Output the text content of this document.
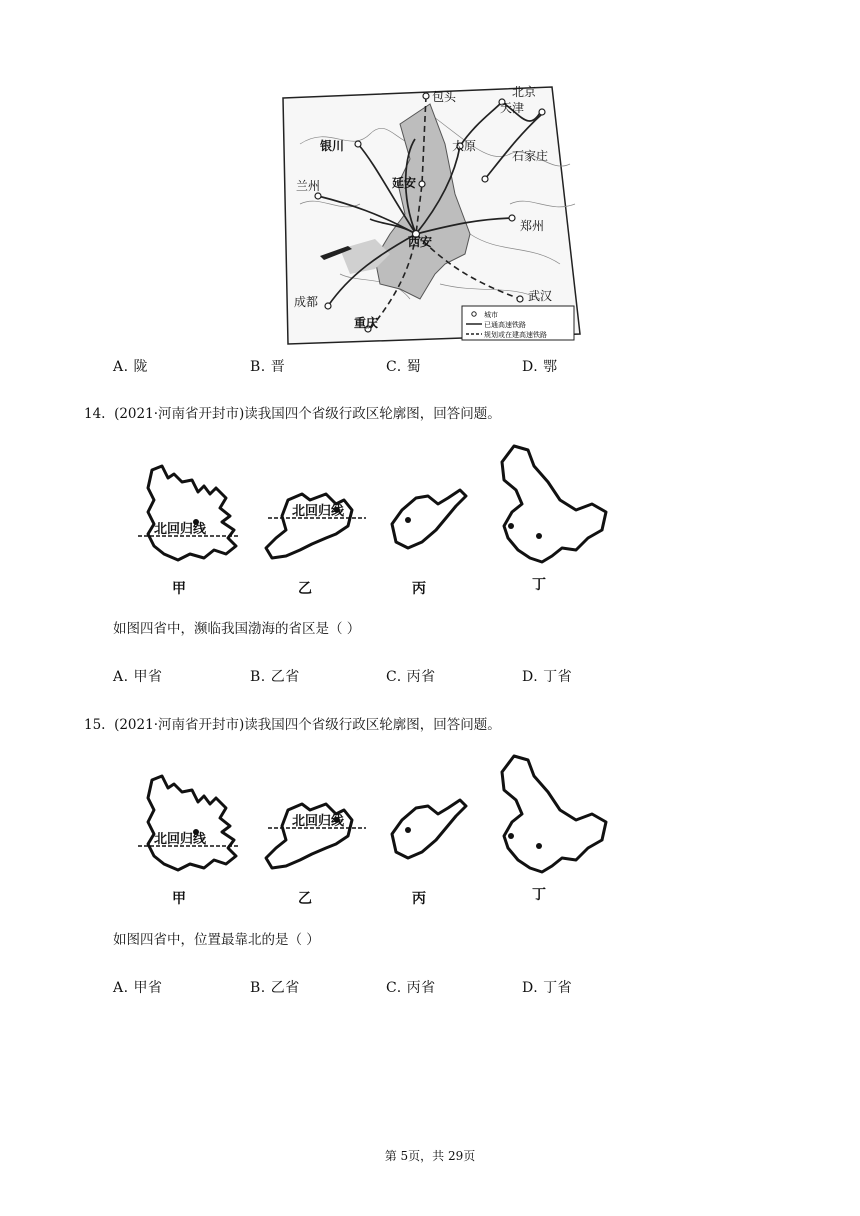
包头	北京
天津
银川	太原
石家庄
兰州	延安
郑州
西安
成都	武汉
重庆
城市
已通高速铁路
规划或在建高速铁路
A. 陇	B. 晋	C. 蜀	D. 鄂
14. (2021·河南省开封市)读我国四个省级行政区轮廓图，回答问题。
北回归线
北回归线
甲	乙	丙	丁
如图四省中，濒临我国渤海的省区是（ ）
A. 甲省	B. 乙省	C. 丙省	D. 丁省
15. (2021·河南省开封市)读我国四个省级行政区轮廓图，回答问题。
北回归线
北回归线
甲	乙	丙	丁
如图四省中，位置最靠北的是（ ）
A. 甲省	B. 乙省	C. 丙省	D. 丁省
第 5页，共 29页
